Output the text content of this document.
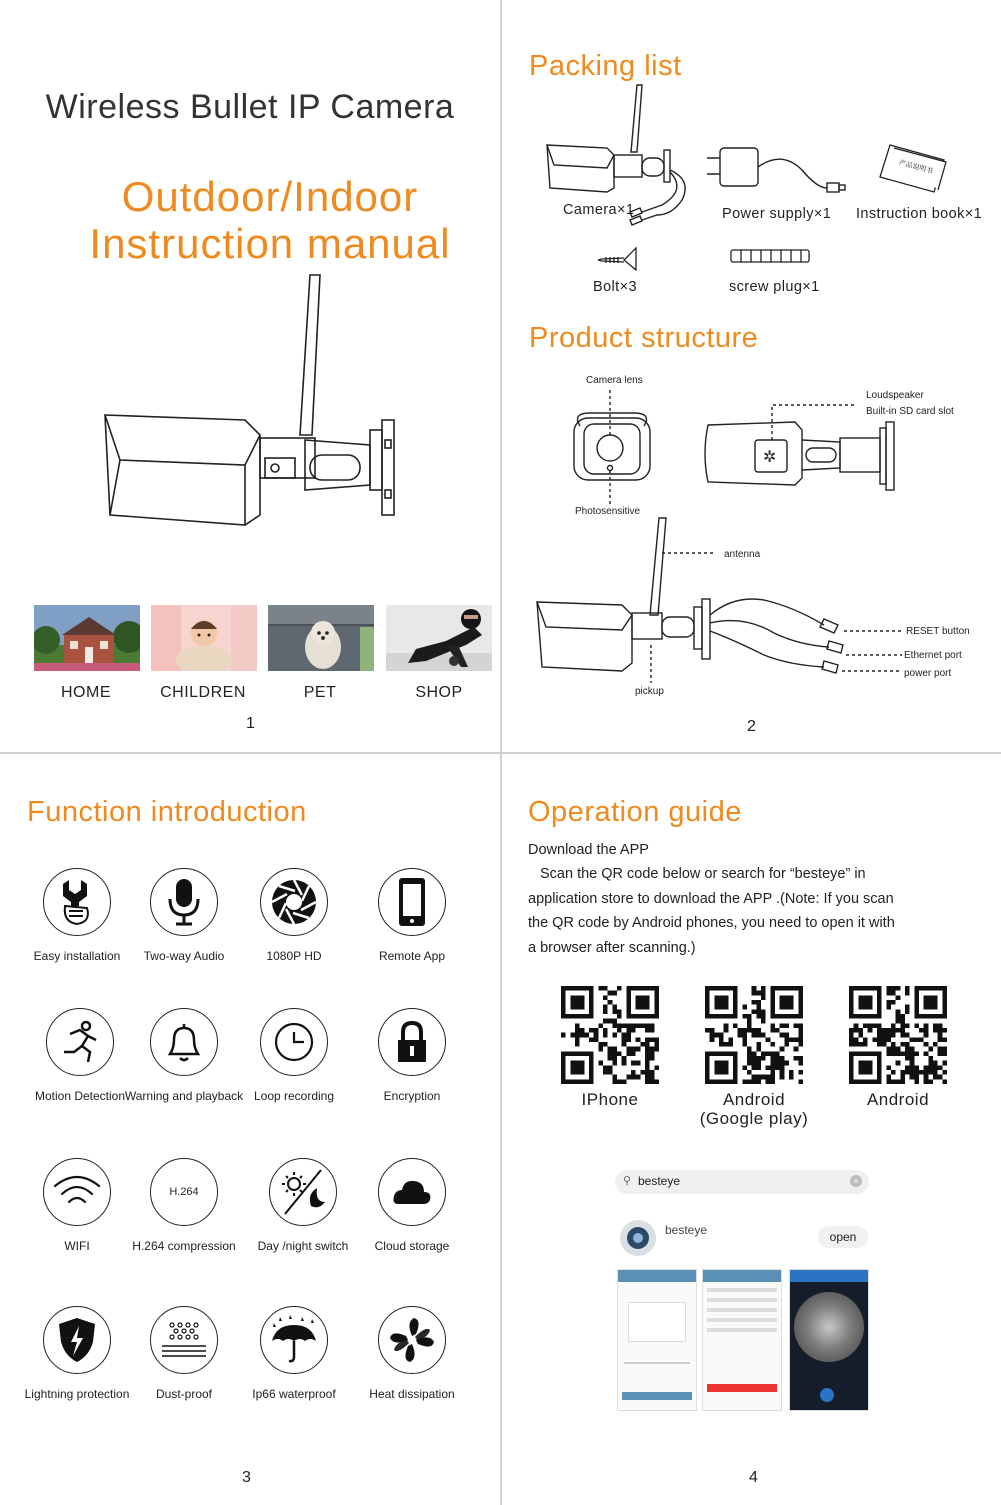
Wireless Bullet IP Camera
Outdoor/Indoor
Instruction manual
HOME	CHILDREN	PET	SHOP
1
Packing list
产品说明书
Camera×1	Power supply×1 Instruction book×1
Bolt×3	screw plug×1
Product structure
Camera lens
Photosensitive
✲
Loudspeaker
Built-in SD card slot
antenna
RESET button
Ethernet port
power port
pickup
2
Function introduction
Easy installation	Two-way Audio	1080P HD	Remote App
Motion Detection Warning and playback Loop recording	Encryption
WIFI
H.264
H.264 compression	Day /night switch	Cloud storage
Lightning protection	Dust-proof	Ip66 waterproof	Heat dissipation
3
Operation guide
Download the APP
Scan the QR code below or search for “besteye” in
application store to download the APP .(Note: If you scan
the QR code by Android phones, you need to open it with
a browser after scanning.)
IPhone	Android
(Google play)
Android
⚲ besteye	×
besteye	open
4
